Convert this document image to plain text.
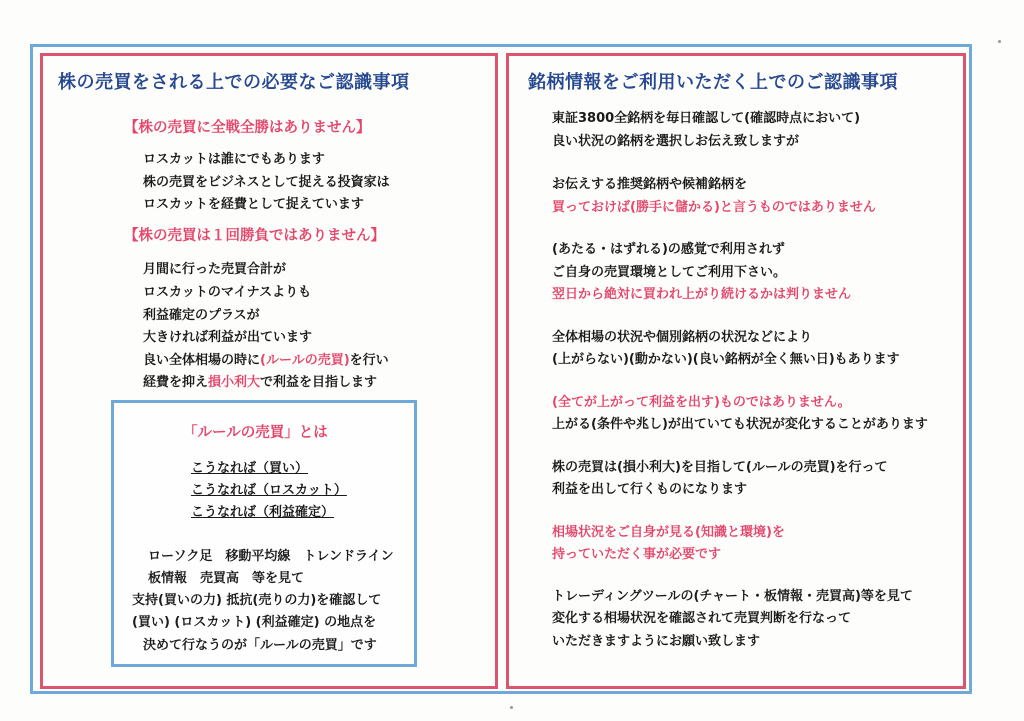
株の売買をされる上での必要なご認識事項
【株の売買に全戦全勝はありません】
ロスカットは誰にでもあります
株の売買をビジネスとして捉える投資家は
ロスカットを経費として捉えています
【株の売買は１回勝負ではありません】
月間に行った売買合計が
ロスカットのマイナスよりも
利益確定のプラスが
大きければ利益が出ています
良い全体相場の時に(ルールの売買)を行い
経費を抑え損小利大で利益を目指します
「ルールの売買」とは
こうなれば（買い）
こうなれば（ロスカット）
こうなれば（利益確定）
ローソク足　移動平均線　トレンドライン
板情報　売買高　等を見て
支持(買いの力) 抵抗(売りの力)を確認して
(買い) (ロスカット) (利益確定) の地点を
決めて行なうのが「ルールの売買」です
銘柄情報をご利用いただく上でのご認識事項
東証3800全銘柄を毎日確認して(確認時点において)
良い状況の銘柄を選択しお伝え致しますが
お伝えする推奨銘柄や候補銘柄を
買っておけば(勝手に儲かる)と言うものではありません
(あたる・はずれる)の感覚で利用されず
ご自身の売買環境としてご利用下さい。
翌日から絶対に買われ上がり続けるかは判りません
全体相場の状況や個別銘柄の状況などにより
(上がらない)(動かない)(良い銘柄が全く無い日)もあります
(全てが上がって利益を出す)ものではありません。
上がる(条件や兆し)が出ていても状況が変化することがあります
株の売買は(損小利大)を目指して(ルールの売買)を行って
利益を出して行くものになります
相場状況をご自身が見る(知識と環境)を
持っていただく事が必要です
トレーディングツールの(チャート・板情報・売買高)等を見て
変化する相場状況を確認されて売買判断を行なって
いただきますようにお願い致します
